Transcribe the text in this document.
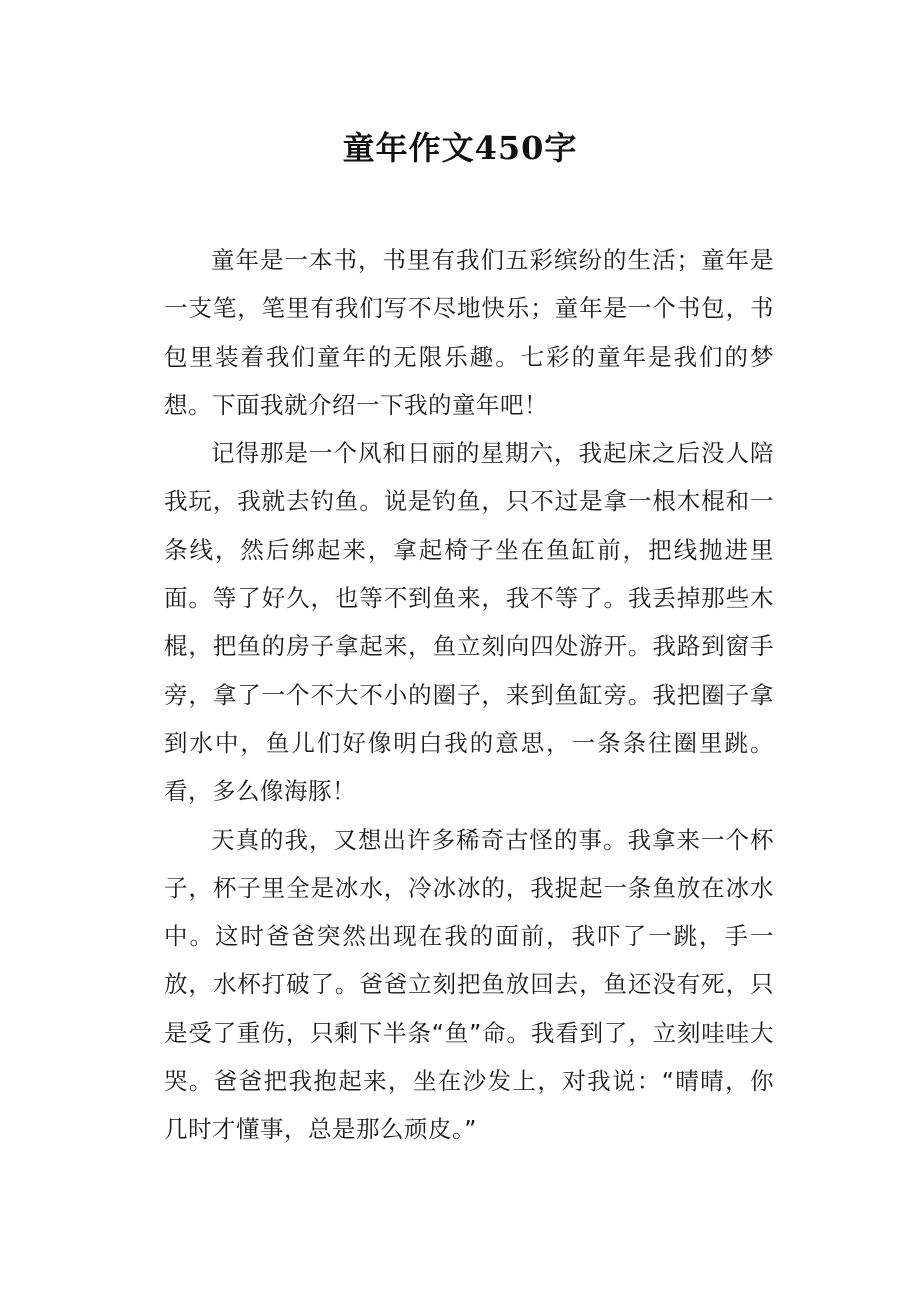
童年作文450字

童年是一本书，书里有我们五彩缤纷的生活；童年是一支笔，笔里有我们写不尽地快乐；童年是一个书包，书包里装着我们童年的无限乐趣。七彩的童年是我们的梦想。下面我就介绍一下我的童年吧！

记得那是一个风和日丽的星期六，我起床之后没人陪我玩，我就去钓鱼。说是钓鱼，只不过是拿一根木棍和一条线，然后绑起来，拿起椅子坐在鱼缸前，把线抛进里面。等了好久，也等不到鱼来，我不等了。我丢掉那些木棍，把鱼的房子拿起来，鱼立刻向四处游开。我路到窗手旁，拿了一个不大不小的圈子，来到鱼缸旁。我把圈子拿到水中，鱼儿们好像明白我的意思，一条条往圈里跳。看，多么像海豚！

天真的我，又想出许多稀奇古怪的事。我拿来一个杯子，杯子里全是冰水，冷冰冰的，我捉起一条鱼放在冰水中。这时爸爸突然出现在我的面前，我吓了一跳，手一放，水杯打破了。爸爸立刻把鱼放回去，鱼还没有死，只是受了重伤，只剩下半条“鱼”命。我看到了，立刻哇哇大哭。爸爸把我抱起来，坐在沙发上，对我说：“晴晴，你几时才懂事，总是那么顽皮。”
